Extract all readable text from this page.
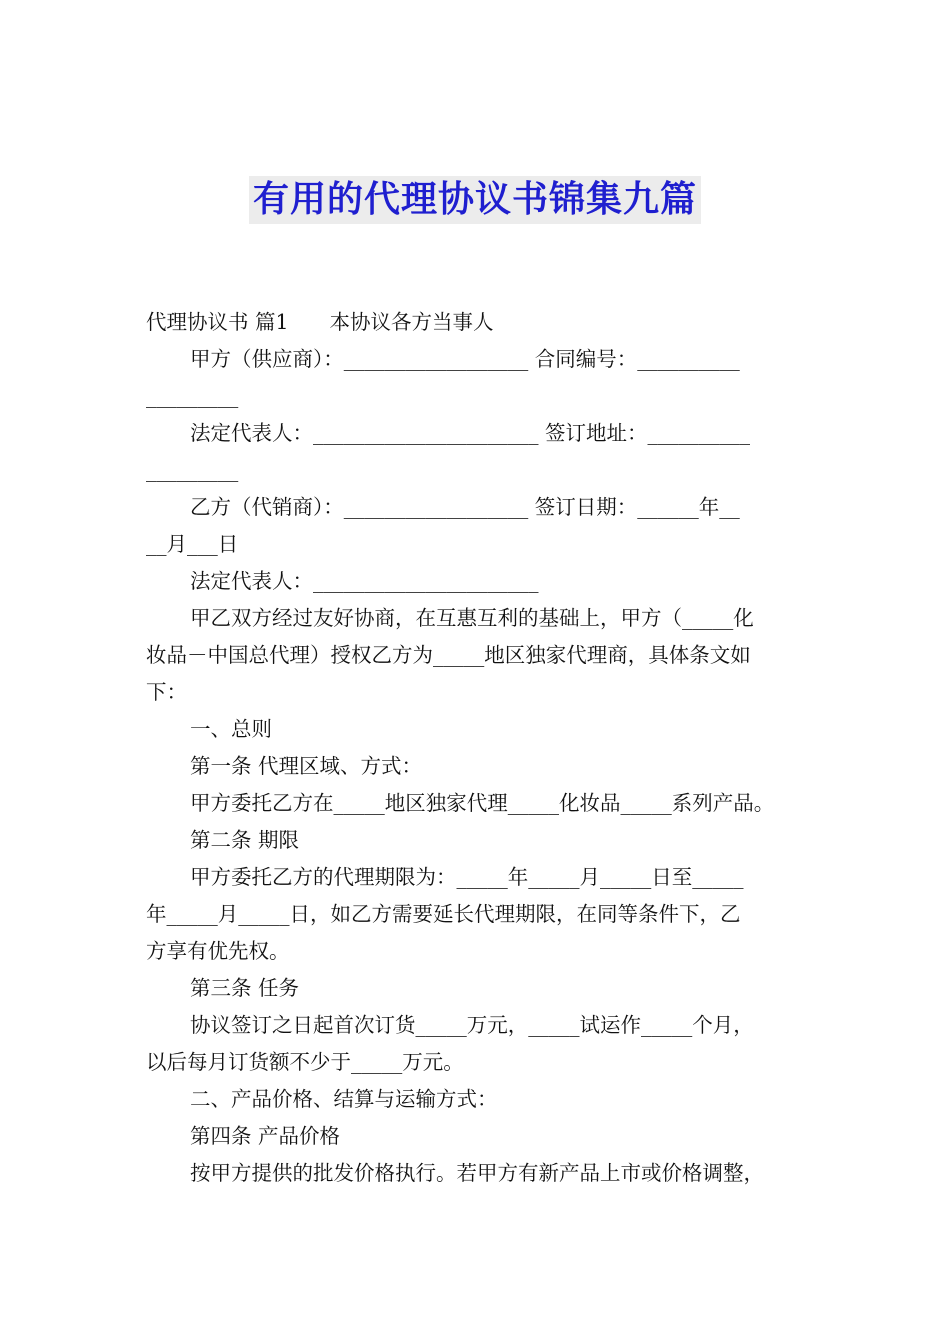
有用的代理协议书锦集九篇
代理协议书 篇1　　本协议各方当事人
甲方（供应商）：__________________ 合同编号：__________
_________
法定代表人：______________________ 签订地址：__________
_________
乙方（代销商）：__________________ 签订日期：______年__
__月___日
法定代表人：______________________
甲乙双方经过友好协商，在互惠互利的基础上，甲方（_____化
妆品－中国总代理）授权乙方为_____地区独家代理商，具体条文如
下：
一、总则
第一条 代理区域、方式：
甲方委托乙方在_____地区独家代理_____化妆品_____系列产品。
第二条 期限
甲方委托乙方的代理期限为：_____年_____月_____日至_____
年_____月_____日，如乙方需要延长代理期限，在同等条件下，乙
方享有优先权。
第三条 任务
协议签订之日起首次订货_____万元，_____试运作_____个月，
以后每月订货额不少于_____万元。
二、产品价格、结算与运输方式：
第四条 产品价格
按甲方提供的批发价格执行。若甲方有新产品上市或价格调整，
